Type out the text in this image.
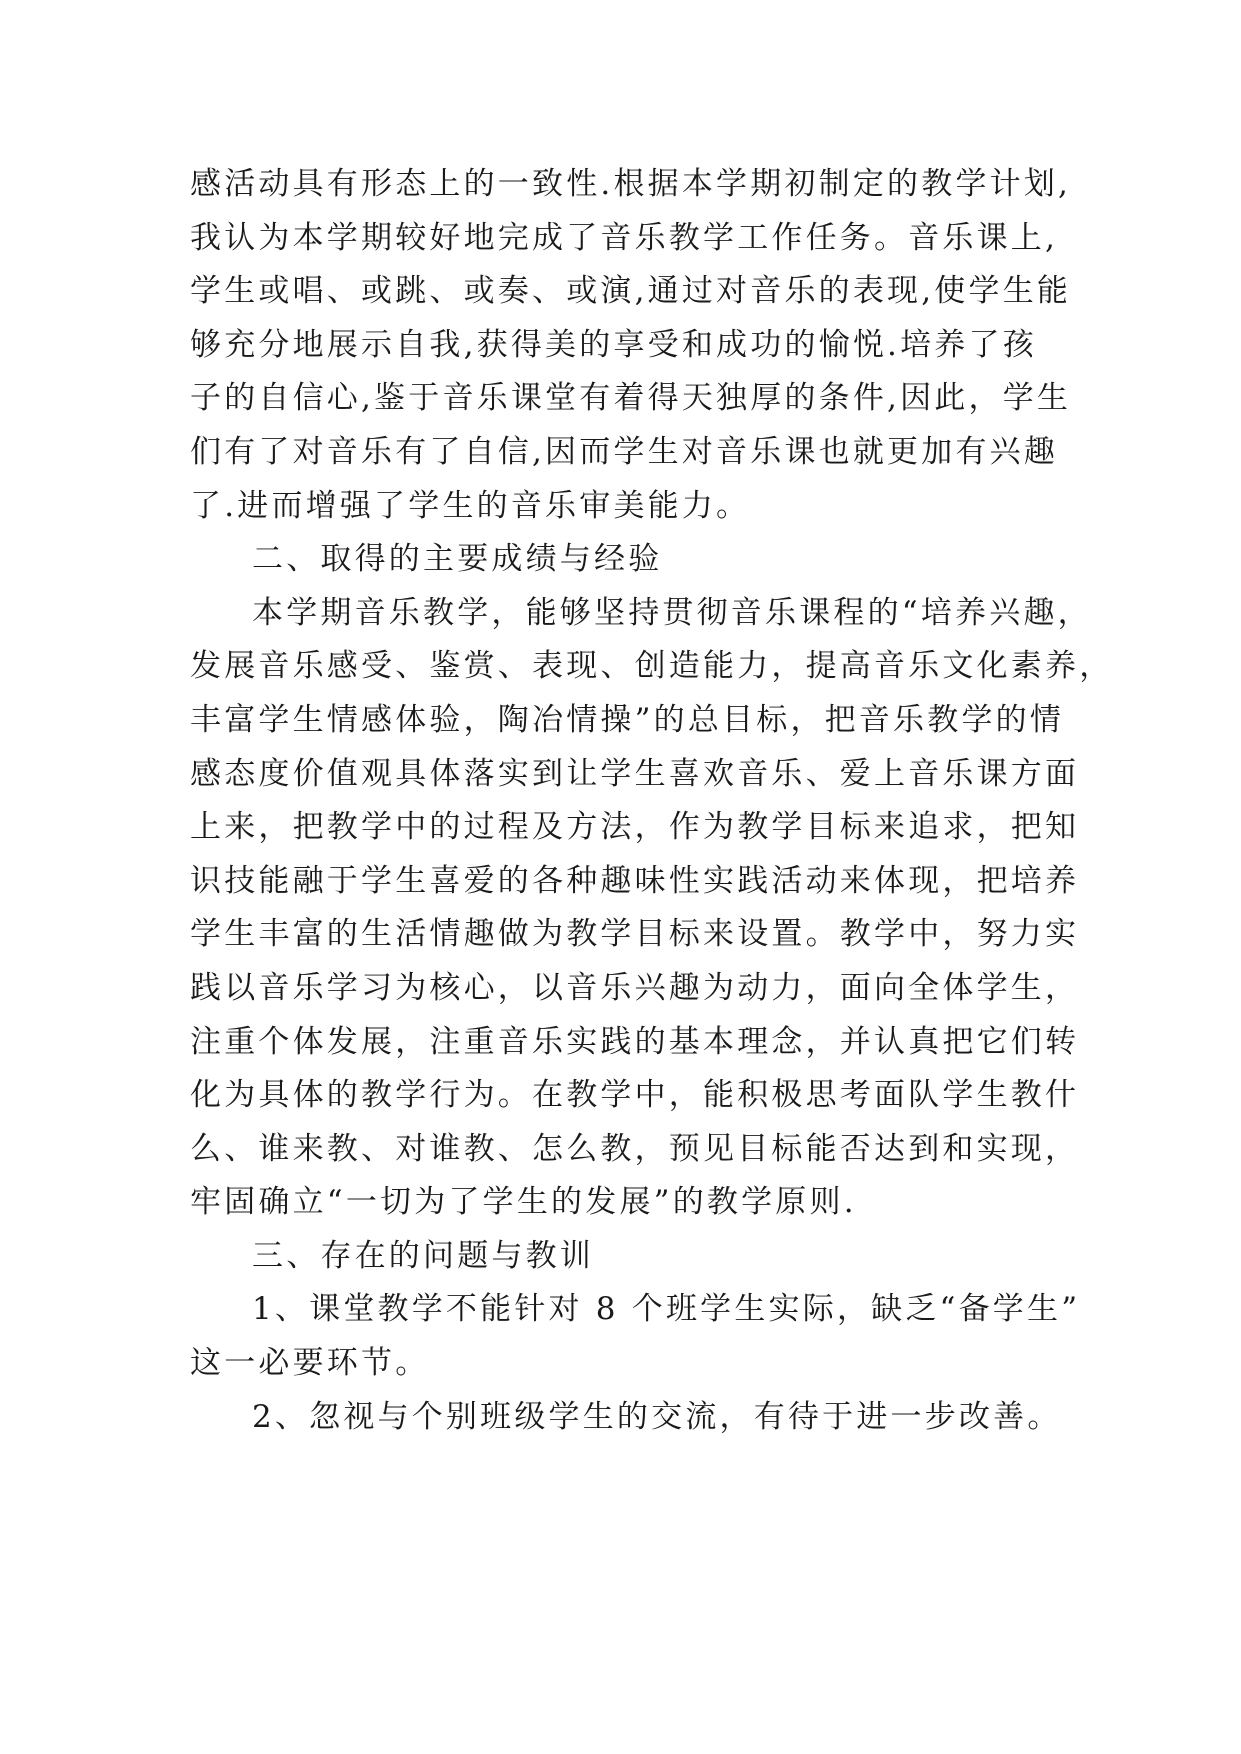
感活动具有形态上的一致性.根据本学期初制定的教学计划,
我认为本学期较好地完成了音乐教学工作任务。音乐课上,
学生或唱、或跳、或奏、或演,通过对音乐的表现,使学生能
够充分地展示自我,获得美的享受和成功的愉悦.培养了孩
子的自信心,鉴于音乐课堂有着得天独厚的条件,因此，学生
们有了对音乐有了自信,因而学生对音乐课也就更加有兴趣
了.进而增强了学生的音乐审美能力。
二、取得的主要成绩与经验
本学期音乐教学，能够坚持贯彻音乐课程的“培养兴趣，
发展音乐感受、鉴赏、表现、创造能力，提高音乐文化素养，
丰富学生情感体验，陶冶情操”的总目标，把音乐教学的情
感态度价值观具体落实到让学生喜欢音乐、爱上音乐课方面
上来，把教学中的过程及方法，作为教学目标来追求，把知
识技能融于学生喜爱的各种趣味性实践活动来体现，把培养
学生丰富的生活情趣做为教学目标来设置。教学中，努力实
践以音乐学习为核心，以音乐兴趣为动力，面向全体学生，
注重个体发展，注重音乐实践的基本理念，并认真把它们转
化为具体的教学行为。在教学中，能积极思考面队学生教什
么、谁来教、对谁教、怎么教，预见目标能否达到和实现，
牢固确立“一切为了学生的发展”的教学原则.
三、存在的问题与教训
1、课堂教学不能针对 8 个班学生实际，缺乏“备学生”
这一必要环节。
2、忽视与个别班级学生的交流，有待于进一步改善。
